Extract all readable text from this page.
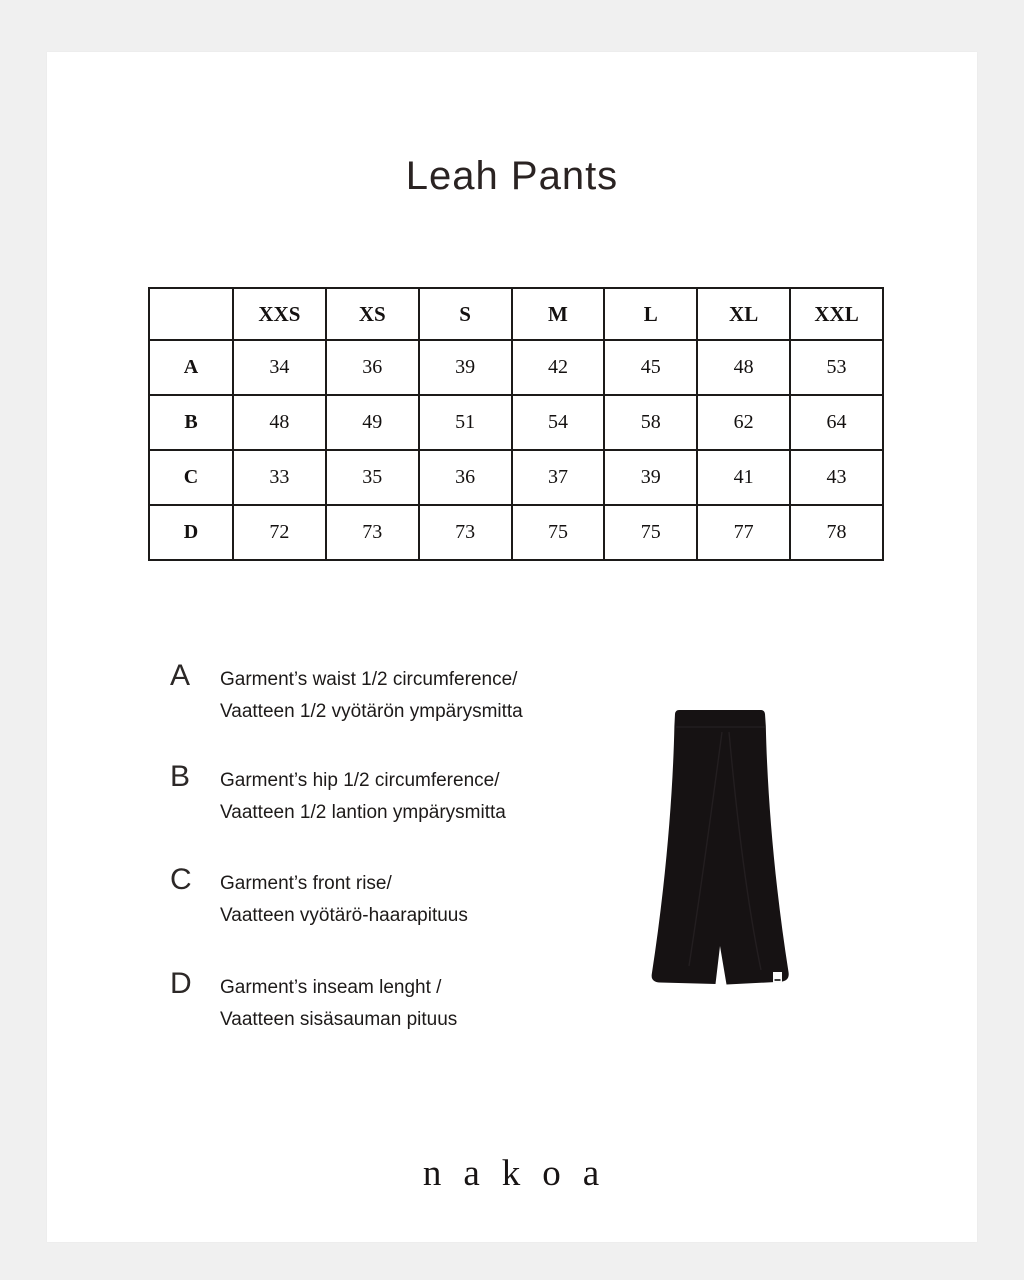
Leah Pants
	XXS	XS	S	M	L	XL	XXL
A	34	36	39	42	45	48	53
B	48	49	51	54	58	62	64
C	33	35	36	37	39	41	43
D	72	73	73	75	75	77	78
A Garment’s waist 1/2 circumference/
Vaatteen 1/2 vyötärön ympärysmitta
B Garment’s hip 1/2 circumference/
Vaatteen 1/2 lantion ympärysmitta
C Garment’s front rise/
Vaatteen vyötärö-haarapituus
D Garment’s inseam lenght /
Vaatteen sisäsauman pituus
nakoa
